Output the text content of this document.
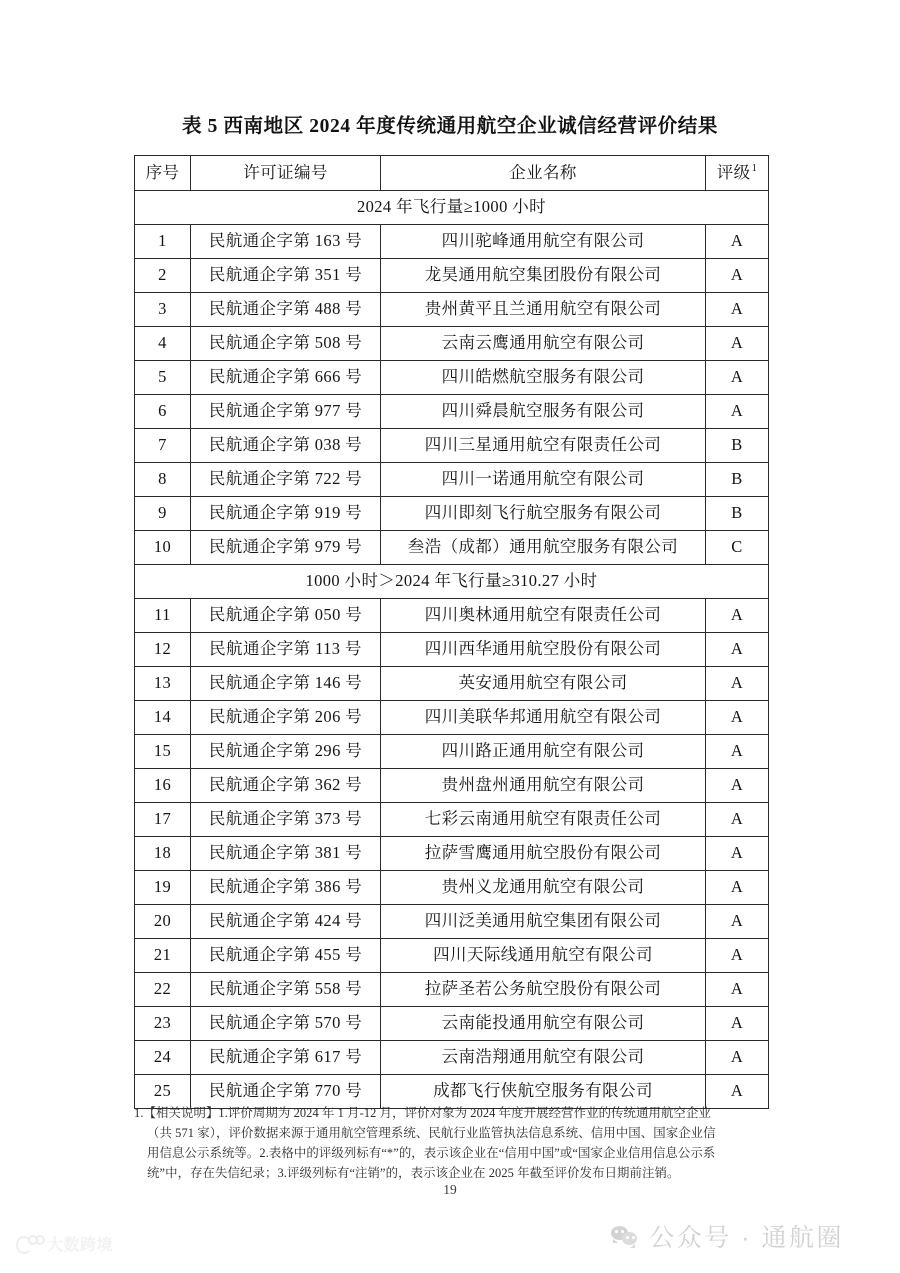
表 5 西南地区 2024 年度传统通用航空企业诚信经营评价结果
序号	许可证编号	企业名称	评级$^1$
2024 年飞行量≥1000 小时			
1	民航通企字第 163 号	四川驼峰通用航空有限公司	A
2	民航通企字第 351 号	龙昊通用航空集团股份有限公司	A
3	民航通企字第 488 号	贵州黄平且兰通用航空有限公司	A
4	民航通企字第 508 号	云南云鹰通用航空有限公司	A
5	民航通企字第 666 号	四川皓燃航空服务有限公司	A
6	民航通企字第 977 号	四川舜晨航空服务有限公司	A
7	民航通企字第 038 号	四川三星通用航空有限责任公司	B
8	民航通企字第 722 号	四川一诺通用航空有限公司	B
9	民航通企字第 919 号	四川即刻飞行航空服务有限公司	B
10	民航通企字第 979 号	叁浩（成都）通用航空服务有限公司	C
1000 小时＞2024 年飞行量≥310.27 小时			
11	民航通企字第 050 号	四川奥林通用航空有限责任公司	A
12	民航通企字第 113 号	四川西华通用航空股份有限公司	A
13	民航通企字第 146 号	英安通用航空有限公司	A
14	民航通企字第 206 号	四川美联华邦通用航空有限公司	A
15	民航通企字第 296 号	四川路正通用航空有限公司	A
16	民航通企字第 362 号	贵州盘州通用航空有限公司	A
17	民航通企字第 373 号	七彩云南通用航空有限责任公司	A
18	民航通企字第 381 号	拉萨雪鹰通用航空股份有限公司	A
19	民航通企字第 386 号	贵州义龙通用航空有限公司	A
20	民航通企字第 424 号	四川泛美通用航空集团有限公司	A
21	民航通企字第 455 号	四川天际线通用航空有限公司	A
22	民航通企字第 558 号	拉萨圣若公务航空股份有限公司	A
23	民航通企字第 570 号	云南能投通用航空有限公司	A
24	民航通企字第 617 号	云南浩翔通用航空有限公司	A
25	民航通企字第 770 号	成都飞行侠航空服务有限公司	A
1.【相关说明】1.评价周期为 2024 年 1 月-12 月，评价对象为 2024 年度开展经营作业的传统通用航空企业
（共 571 家），评价数据来源于通用航空管理系统、民航行业监管执法信息系统、信用中国、国家企业信
用信息公示系统等。2.表格中的评级列标有“*”的，表示该企业在“信用中国”或“国家企业信用信息公示系
统”中，存在失信纪录；3.评级列标有“注销”的，表示该企业在 2025 年截至评价发布日期前注销。
19
大数跨境	公众号 · 通航圈
